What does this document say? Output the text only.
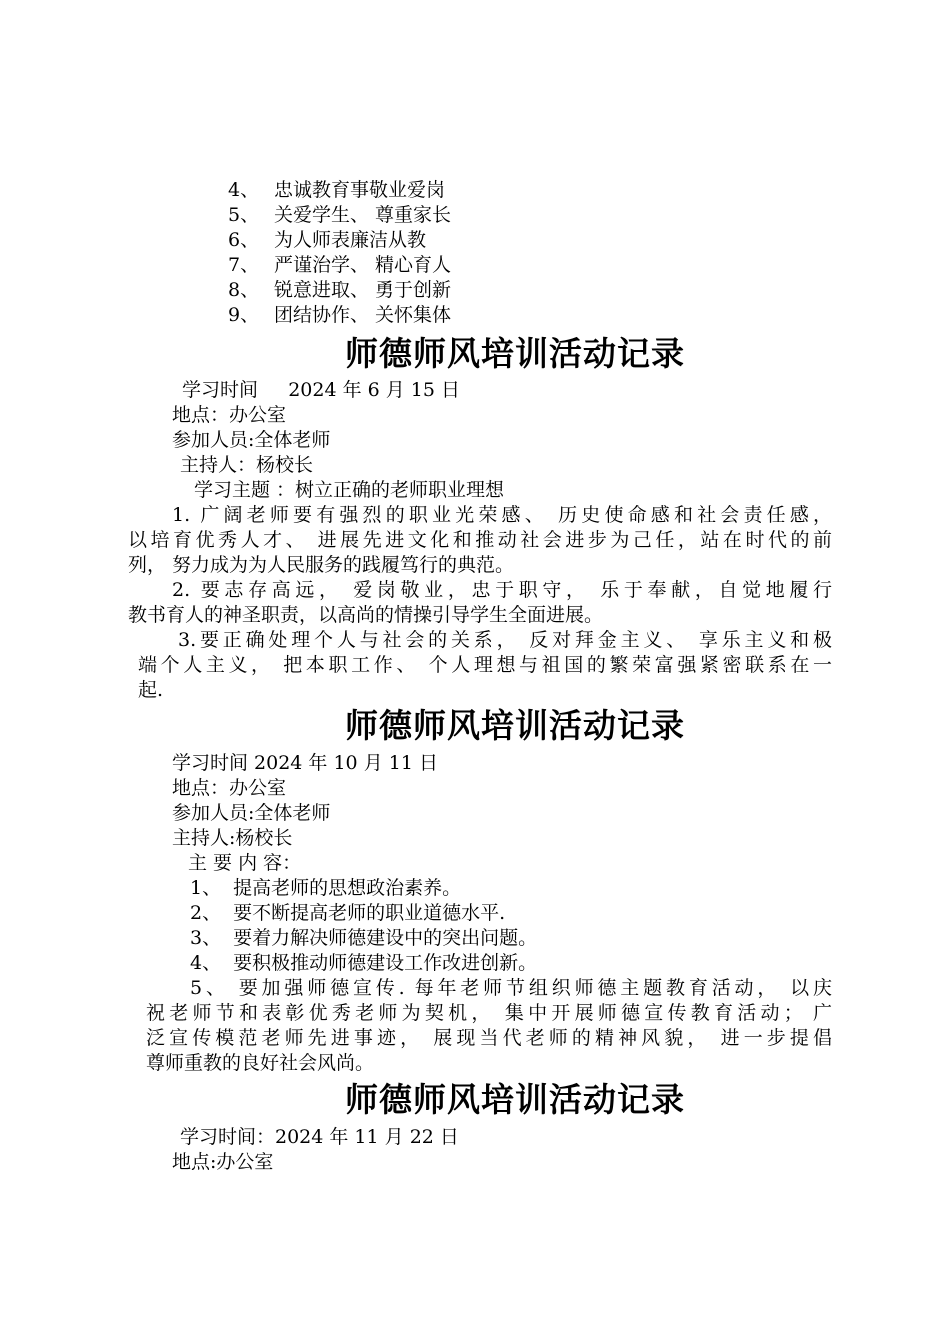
4、 忠诚教育事敬业爱岗
5、 关爱学生、 尊重家长
6、 为人师表廉洁从教
7、 严谨治学、 精心育人
8、 锐意进取、 勇于创新
9、 团结协作、 关怀集体
师德师风培训活动记录
学习时间     2024 年 6 月 15 日
地点：办公室
参加人员:全体老师
主持人：杨校长
学习主题 ：树立正确的老师职业理想
1. 广阔老师要有强烈的职业光荣感、 历史使命感和社会责任感，
以培育优秀人才、 进展先进文化和推动社会进步为己任，站在时代的前
列， 努力成为为人民服务的践履笃行的典范。
2. 要志存高远， 爱岗敬业，忠于职守， 乐于奉献，自觉地履行
教书育人的神圣职责，以高尚的情操引导学生全面进展。
3.要正确处理个人与社会的关系， 反对拜金主义、 享乐主义和极
端个人主义， 把本职工作、 个人理想与祖国的繁荣富强紧密联系在一
起.
师德师风培训活动记录
学习时间 2024 年 10 月 11 日
地点：办公室
参加人员:全体老师
主持人:杨校长
主 要 内 容：
1、  提高老师的思想政治素养。
2、  要不断提高老师的职业道德水平.
3、  要着力解决师德建设中的突出问题。
4、  要积极推动师德建设工作改进创新。
5、 要加强师德宣传. 每年老师节组织师德主题教育活动， 以庆
祝老师节和表彰优秀老师为契机， 集中开展师德宣传教育活动； 广
泛宣传模范老师先进事迹， 展现当代老师的精神风貌， 进一步提倡
尊师重教的良好社会风尚。
师德师风培训活动记录
学习时间：2024 年 11 月 22 日
地点:办公室
